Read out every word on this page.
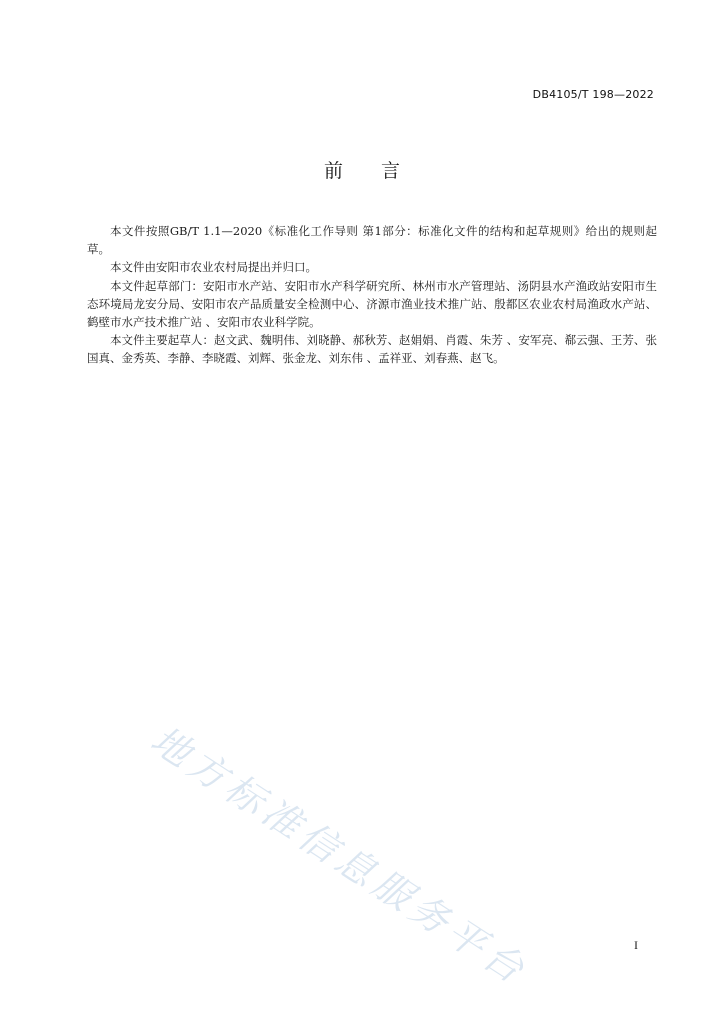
DB4105/T 198—2022
前言

本文件按照GB/T 1.1—2020《标准化工作导则 第1部分：标准化文件的结构和起草规则》给出的规则起草。

本文件由安阳市农业农村局提出并归口。

本文件起草部门：安阳市水产站、安阳市水产科学研究所、林州市水产管理站、汤阴县水产渔政站安阳市生态环境局龙安分局、安阳市农产品质量安全检测中心、济源市渔业技术推广站、殷都区农业农村局渔政水产站、鹤壁市水产技术推广站 、安阳市农业科学院。

本文件主要起草人：赵文武、魏明伟、刘晓静、郝秋芳、赵娟娟、肖霞、朱芳 、安军亮、郗云强、王芳、张国真、金秀英、李静、李晓霞、刘辉、张金龙、刘东伟 、孟祥亚、刘春燕、赵飞。

地方标准信息服务平台	I
